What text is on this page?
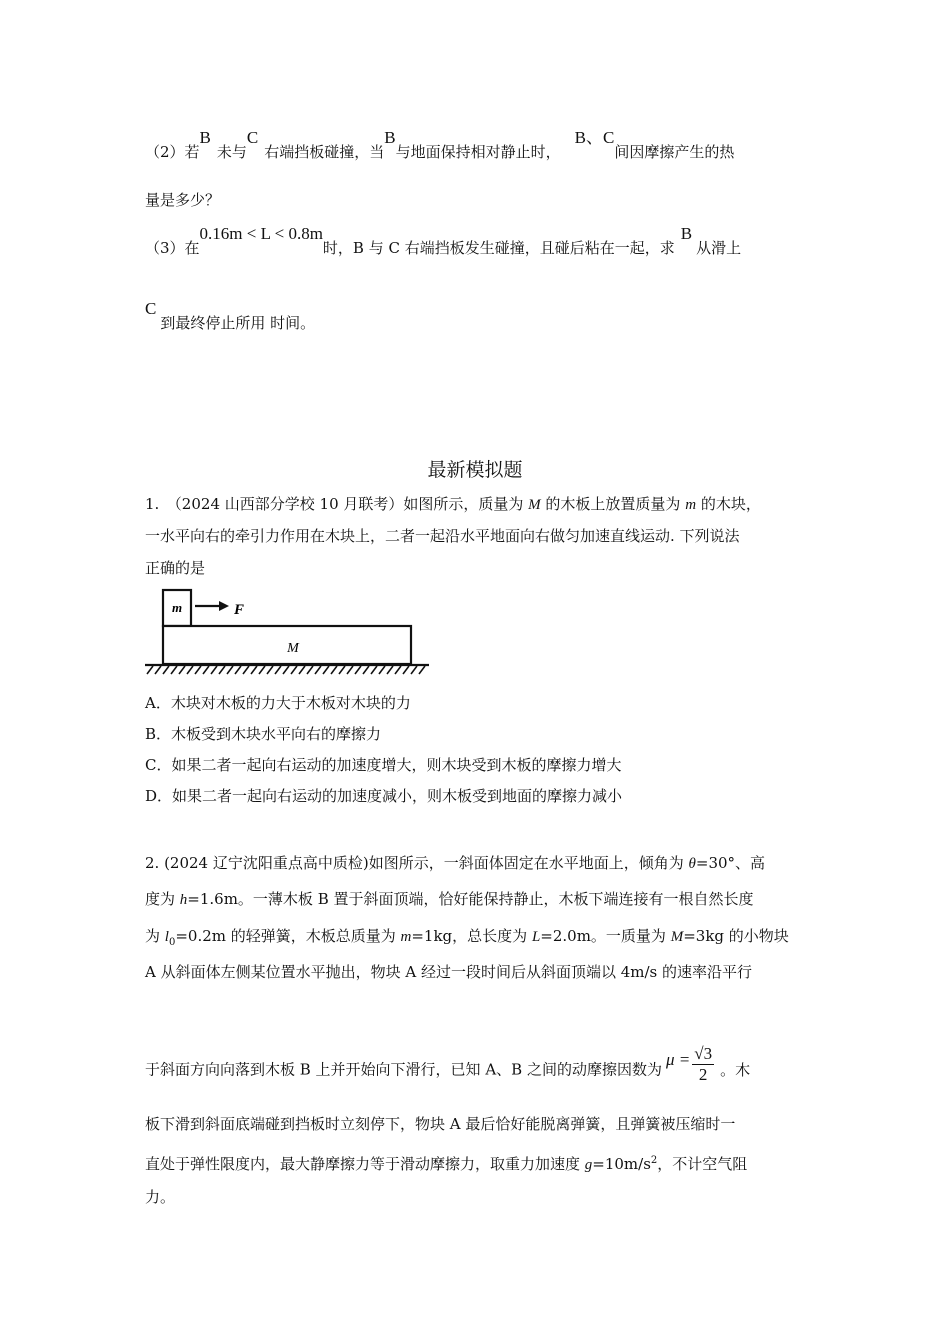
（2）若B未与C右端挡板碰撞，当B与地面保持相对静止时，B、C间因摩擦产生的热
量是多少？
（3）在0.16m < L < 0.8m时，B 与 C 右端挡板发生碰撞，且碰后粘在一起，求B从滑上
C到最终停止所用 时间。
最新模拟题
1.　（2024 山西部分学校 10 月联考）如图所示，质量为 M 的木板上放置质量为 m 的木块，
一水平向右的牵引力作用在木块上，二者一起沿水平地面向右做匀加速直线运动. 下列说法
正确的是
m	F
M
A．木块对木板的力大于木板对木块的力
B．木板受到木块水平向右的摩擦力
C．如果二者一起向右运动的加速度增大，则木块受到木板的摩擦力增大
D．如果二者一起向右运动的加速度减小，则木板受到地面的摩擦力减小
2. (2024 辽宁沈阳重点高中质检)如图所示，一斜面体固定在水平地面上，倾角为 θ=30°、高
度为 h=1.6m。一薄木板 B 置于斜面顶端，恰好能保持静止，木板下端连接有一根自然长度
为 $l_0=0.2m$ 的轻弹簧，木板总质量为 m=1kg，总长度为 L=2.0m。一质量为 M=3kg 的小物块
A 从斜面体左侧某位置水平抛出，物块 A 经过一段时间后从斜面顶端以 4m/s 的速率沿平行
于斜面方向向落到木板 B 上并开始向下滑行，已知 A、B 之间的动摩擦因数为$\mu = \frac{√3}{2}$ 。木
板下滑到斜面底端碰到挡板时立刻停下，物块 A 最后恰好能脱离弹簧，且弹簧被压缩时一
直处于弹性限度内，最大静摩擦力等于滑动摩擦力，取重力加速度 $g=10m/s^2$，不计空气阻
力。
